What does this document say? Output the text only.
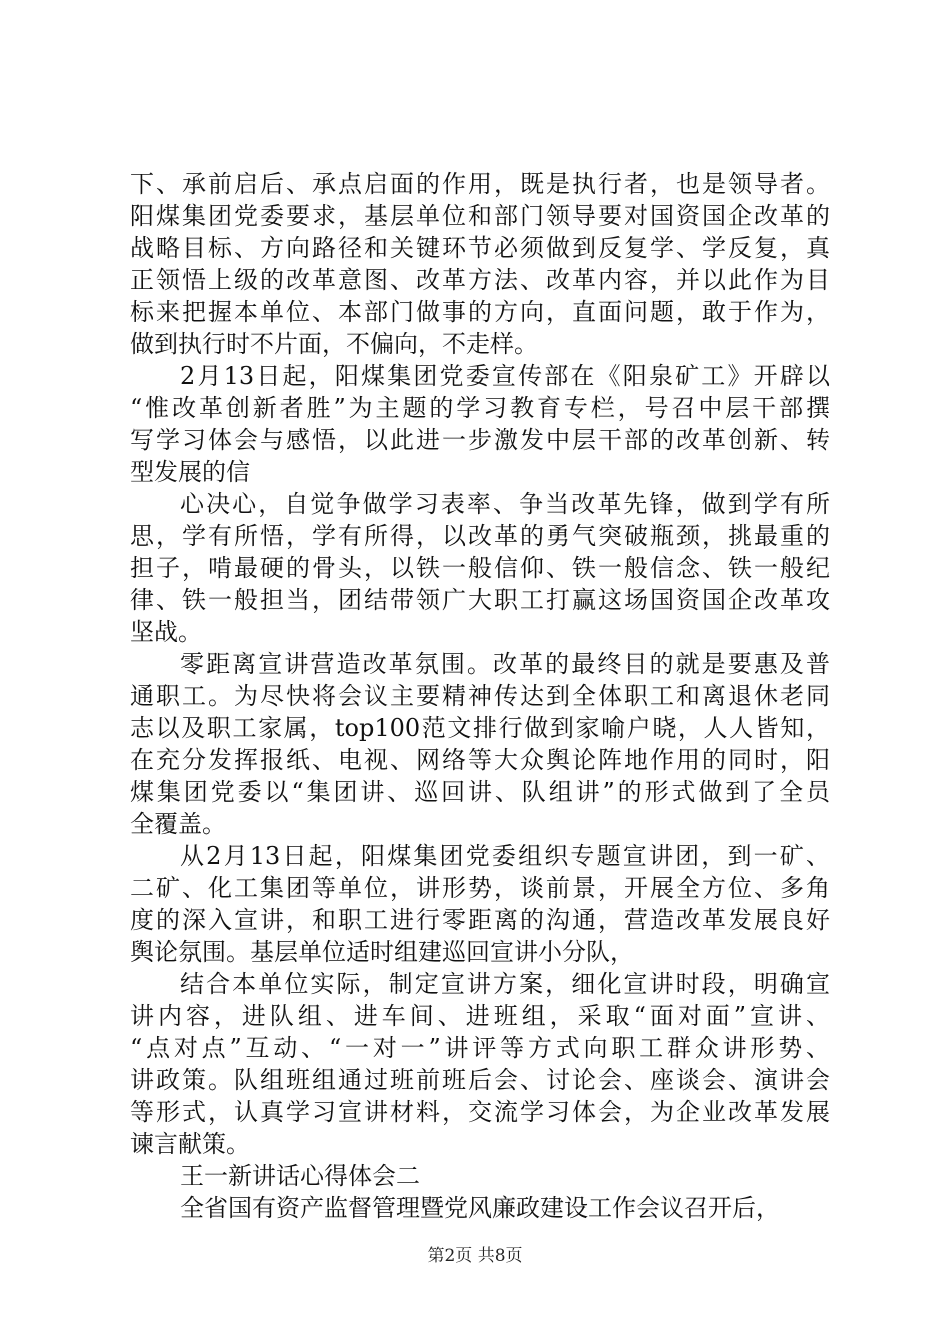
下、承前启后、承点启面的作用，既是执行者，也是领导者。
阳煤集团党委要求，基层单位和部门领导要对国资国企改革的
战略目标、方向路径和关键环节必须做到反复学、学反复，真
正领悟上级的改革意图、改革方法、改革内容，并以此作为目
标来把握本单位、本部门做事的方向，直面问题，敢于作为，
做到执行时不片面，不偏向，不走样。
2月13日起，阳煤集团党委宣传部在《阳泉矿工》开辟以
“惟改革创新者胜”为主题的学习教育专栏，号召中层干部撰
写学习体会与感悟，以此进一步激发中层干部的改革创新、转
型发展的信
心决心，自觉争做学习表率、争当改革先锋，做到学有所
思，学有所悟，学有所得，以改革的勇气突破瓶颈，挑最重的
担子，啃最硬的骨头，以铁一般信仰、铁一般信念、铁一般纪
律、铁一般担当，团结带领广大职工打赢这场国资国企改革攻
坚战。
零距离宣讲营造改革氛围。改革的最终目的就是要惠及普
通职工。为尽快将会议主要精神传达到全体职工和离退休老同
志以及职工家属，top100范文排行做到家喻户晓，人人皆知，
在充分发挥报纸、电视、网络等大众舆论阵地作用的同时，阳
煤集团党委以“集团讲、巡回讲、队组讲”的形式做到了全员
全覆盖。
从2月13日起，阳煤集团党委组织专题宣讲团，到一矿、
二矿、化工集团等单位，讲形势，谈前景，开展全方位、多角
度的深入宣讲，和职工进行零距离的沟通，营造改革发展良好
舆论氛围。基层单位适时组建巡回宣讲小分队，
结合本单位实际，制定宣讲方案，细化宣讲时段，明确宣
讲内容，进队组、进车间、进班组，采取“面对面”宣讲、
“点对点”互动、“一对一”讲评等方式向职工群众讲形势、
讲政策。队组班组通过班前班后会、讨论会、座谈会、演讲会
等形式，认真学习宣讲材料，交流学习体会，为企业改革发展
谏言献策。
王一新讲话心得体会二
全省国有资产监督管理暨党风廉政建设工作会议召开后，
第2页 共8页
